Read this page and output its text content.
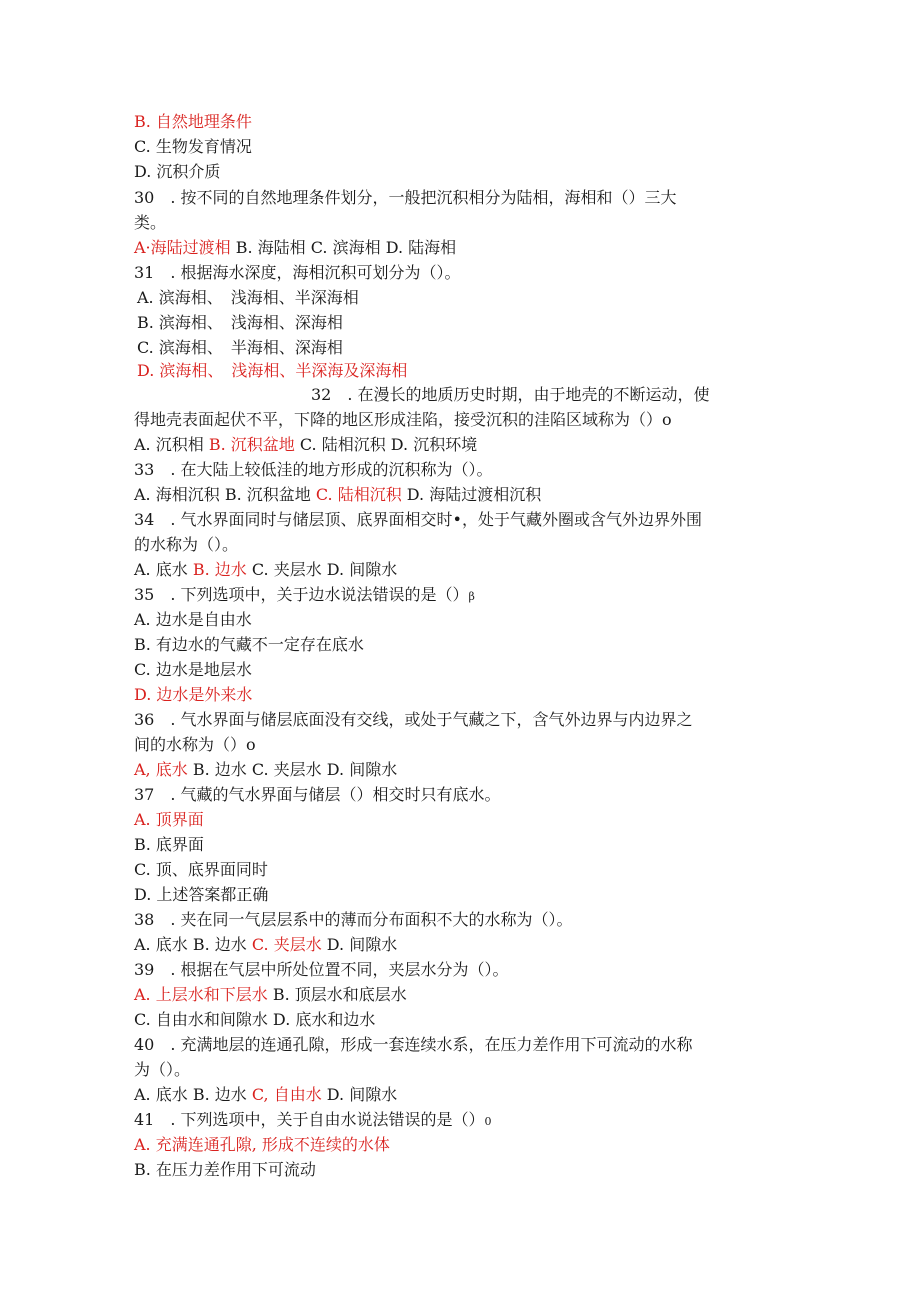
B. 自然地理条件
C. 生物发育情况
D. 沉积介质
30　. 按不同的自然地理条件划分，一般把沉积相分为陆相，海相和（）三大
类。
A·海陆过渡相 B. 海陆相 C. 滨海相 D. 陆海相
31　. 根据海水深度，海相沉积可划分为（）。
A. 滨海相、　浅海相、半深海相
B. 滨海相、　浅海相、深海相
C. 滨海相、　半海相、深海相
D. 滨海相、　浅海相、半深海及深海相
32　. 在漫长的地质历史时期，由于地壳的不断运动，使
得地壳表面起伏不平，下降的地区形成洼陷，接受沉积的洼陷区域称为（）o
A. 沉积相 B. 沉积盆地 C. 陆相沉积 D. 沉积环境
33　. 在大陆上较低洼的地方形成的沉积称为（）。
A. 海相沉积 B. 沉积盆地 C. 陆相沉积 D. 海陆过渡相沉积
34　. 气水界面同时与储层顶、底界面相交时•，处于气藏外圈或含气外边界外围
的水称为（）。
A. 底水 B. 边水 C. 夹层水 D. 间隙水
35　. 下列选项中，关于边水说法错误的是（）β
A. 边水是自由水
B. 有边水的气藏不一定存在底水
C. 边水是地层水
D. 边水是外来水
36　. 气水界面与储层底面没有交线，或处于气藏之下，含气外边界与内边界之
间的水称为（）o
A, 底水 B. 边水 C. 夹层水 D. 间隙水
37　. 气藏的气水界面与储层（）相交时只有底水。
A. 顶界面
B. 底界面
C. 顶、底界面同时
D. 上述答案都正确
38　. 夹在同一气层层系中的薄而分布面积不大的水称为（）。
A. 底水 B. 边水 C. 夹层水 D. 间隙水
39　. 根据在气层中所处位置不同，夹层水分为（）。
A. 上层水和下层水 B. 顶层水和底层水
C. 自由水和间隙水 D. 底水和边水
40　. 充满地层的连通孔隙，形成一套连续水系，在压力差作用下可流动的水称
为（）。
A. 底水 B. 边水 C, 自由水 D. 间隙水
41　. 下列选项中，关于自由水说法错误的是（）0
A. 充满连通孔隙, 形成不连续的水体
B. 在压力差作用下可流动
